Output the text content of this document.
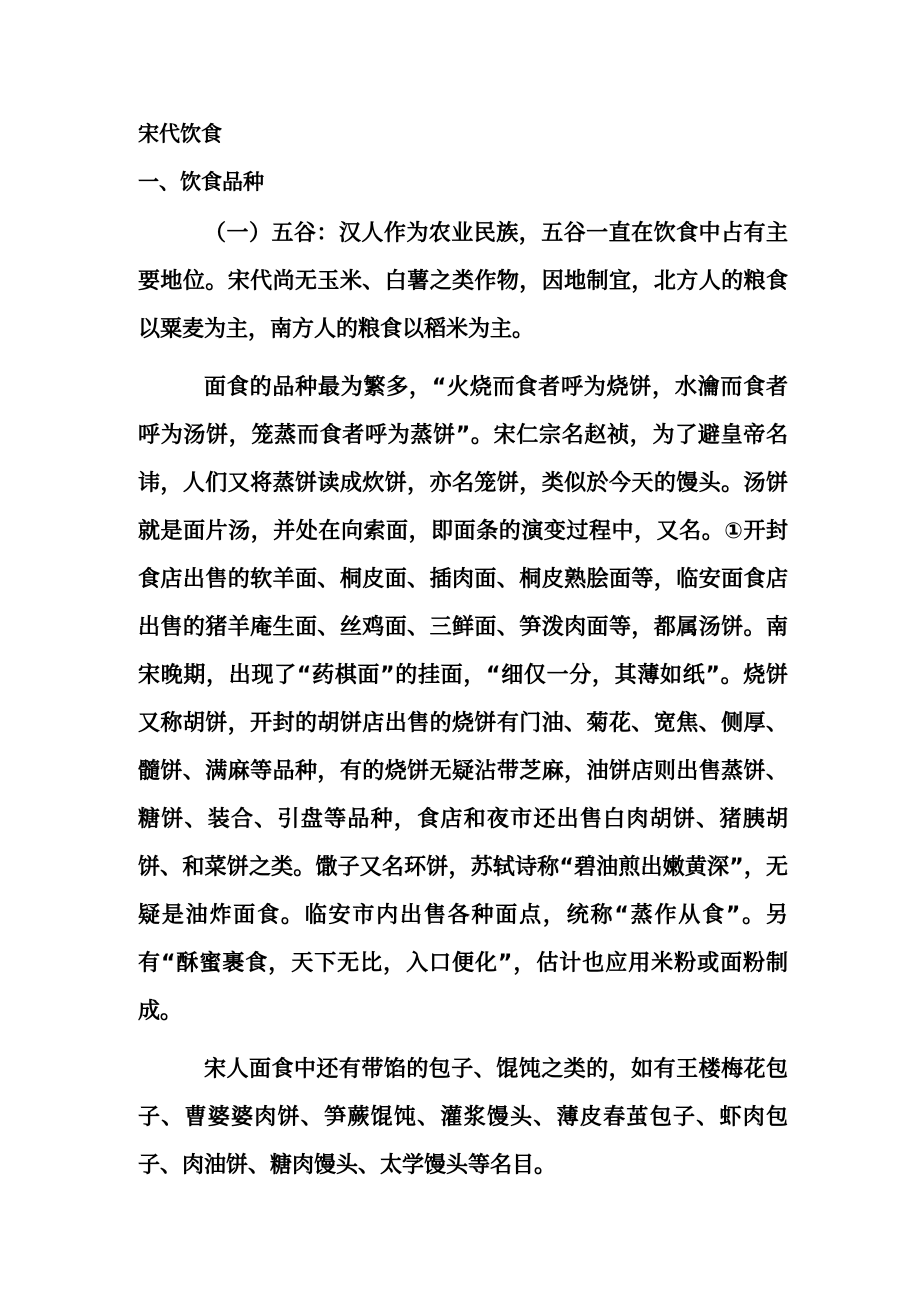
宋代饮食
一、饮食品种

（一）五谷：汉人作为农业民族，五谷一直在饮食中占有主要地位。宋代尚无玉米、白薯之类作物，因地制宜，北方人的粮食以粟麦为主，南方人的粮食以稻米为主。

面食的品种最为繁多，“火烧而食者呼为烧饼，水瀹而食者呼为汤饼，笼蒸而食者呼为蒸饼”。宋仁宗名赵祯，为了避皇帝名讳，人们又将蒸饼读成炊饼，亦名笼饼，类似於今天的馒头。汤饼就是面片汤，并处在向索面，即面条的演变过程中，又名。①开封食店出售的软羊面、桐皮面、插肉面、桐皮熟脍面等，临安面食店出售的猪羊庵生面、丝鸡面、三鲜面、笋泼肉面等，都属汤饼。南宋晚期，出现了“药棋面”的挂面，“细仅一分，其薄如纸”。烧饼又称胡饼，开封的胡饼店出售的烧饼有门油、菊花、宽焦、侧厚、髓饼、满麻等品种，有的烧饼无疑沾带芝麻，油饼店则出售蒸饼、糖饼、装合、引盘等品种，食店和夜市还出售白肉胡饼、猪胰胡饼、和菜饼之类。馓子又名环饼，苏轼诗称“碧油煎出嫩黄深”，无疑是油炸面食。临安市内出售各种面点，统称“蒸作从食”。另有“酥蜜裹食，天下无比，入口便化”，估计也应用米粉或面粉制成。

宋人面食中还有带馅的包子、馄饨之类的，如有王楼梅花包子、曹婆婆肉饼、笋蕨馄饨、灌浆馒头、薄皮春茧包子、虾肉包子、肉油饼、糖肉馒头、太学馒头等名目。
